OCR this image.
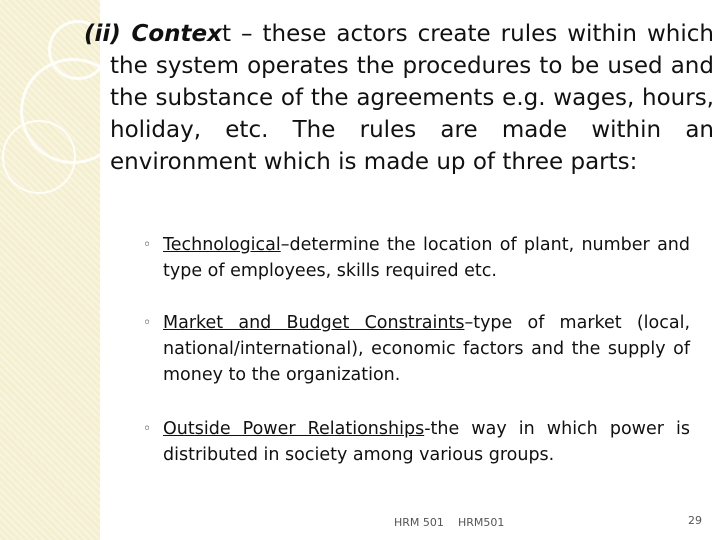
(ii) Context – these actors create rules within which the system operates the procedures to be used and the substance of the agreements e.g. wages, hours, holiday, etc. The rules are made within an environment which is made up of three parts:

◦ Technological–determine the location of plant, number and type of employees, skills required etc.
◦ Market and Budget Constraints–type of market (local, national/international), economic factors and the supply of money to the organization.
◦ Outside Power Relationships-the way in which power is distributed in society among various groups.
HRM 501 HRM501	29
